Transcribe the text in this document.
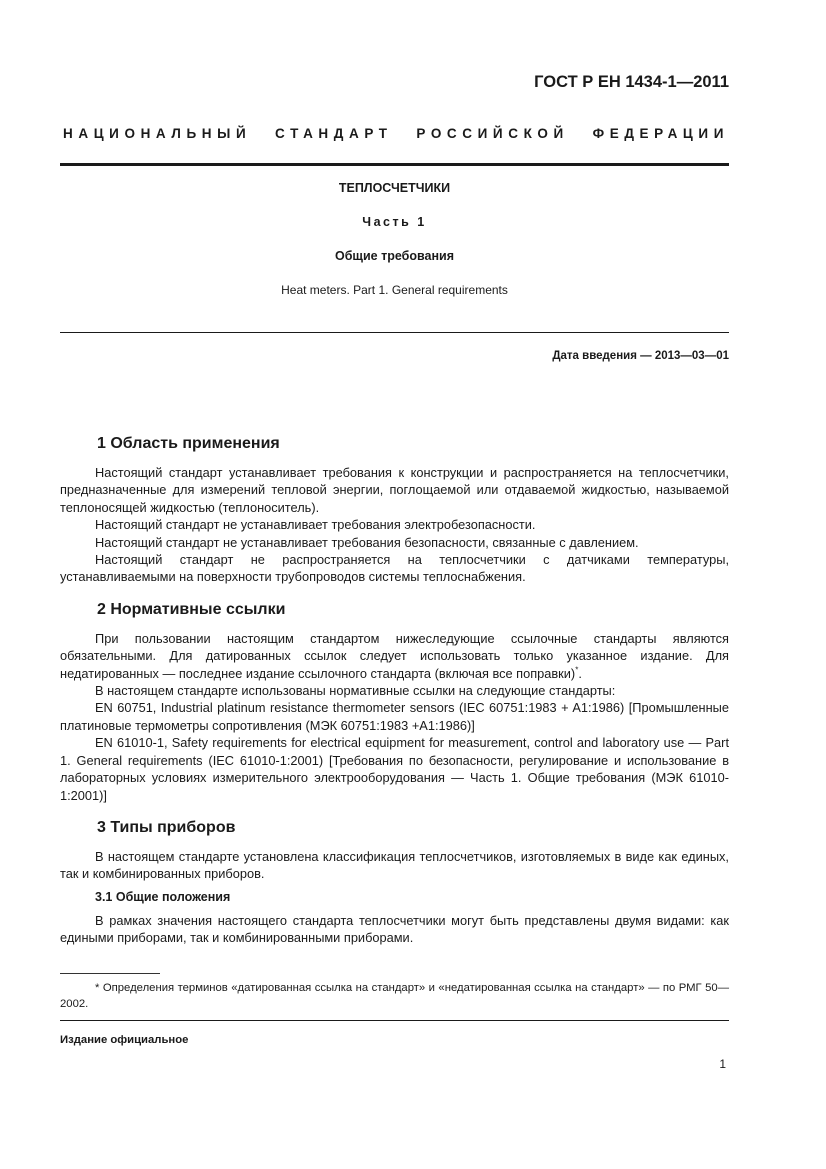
ГОСТ Р ЕН 1434-1—2011
НАЦИОНАЛЬНЫЙ СТАНДАРТ РОССИЙСКОЙ ФЕДЕРАЦИИ
ТЕПЛОСЧЕТЧИКИ
Часть 1
Общие требования
Heat meters. Part 1. General requirements
Дата введения — 2013—03—01
1 Область применения

Настоящий стандарт устанавливает требования к конструкции и распространяется на теплосчетчики, предназначенные для измерений тепловой энергии, поглощаемой или отдаваемой жидкостью, называемой теплоносящей жидкостью (теплоноситель).

Настоящий стандарт не устанавливает требования электробезопасности.

Настоящий стандарт не устанавливает требования безопасности, связанные с давлением.

Настоящий стандарт не распространяется на теплосчетчики с датчиками температуры, устанавливаемыми на поверхности трубопроводов системы теплоснабжения.

2 Нормативные ссылки

При пользовании настоящим стандартом нижеследующие ссылочные стандарты являются обязательными. Для датированных ссылок следует использовать только указанное издание. Для недатированных — последнее издание ссылочного стандарта (включая все поправки)*.

В настоящем стандарте использованы нормативные ссылки на следующие стандарты:

EN 60751, Industrial platinum resistance thermometer sensors (IEC 60751:1983 + A1:1986) [Промышленные платиновые термометры сопротивления (МЭК 60751:1983 +A1:1986)]

EN 61010-1, Safety requirements for electrical equipment for measurement, control and laboratory use — Part 1. General requirements (IEC 61010-1:2001) [Требования по безопасности, регулирование и использование в лабораторных условиях измерительного электрооборудования — Часть 1. Общие требования (МЭК 61010-1:2001)]

3 Типы приборов

В настоящем стандарте установлена классификация теплосчетчиков, изготовляемых в виде как единых, так и комбинированных приборов.

3.1 Общие положения

В рамках значения настоящего стандарта теплосчетчики могут быть представлены двумя видами: как едиными приборами, так и комбинированными приборами.

* Определения терминов «датированная ссылка на стандарт» и «недатированная ссылка на стандарт» — по РМГ 50—2002.

Издание официальное
1
